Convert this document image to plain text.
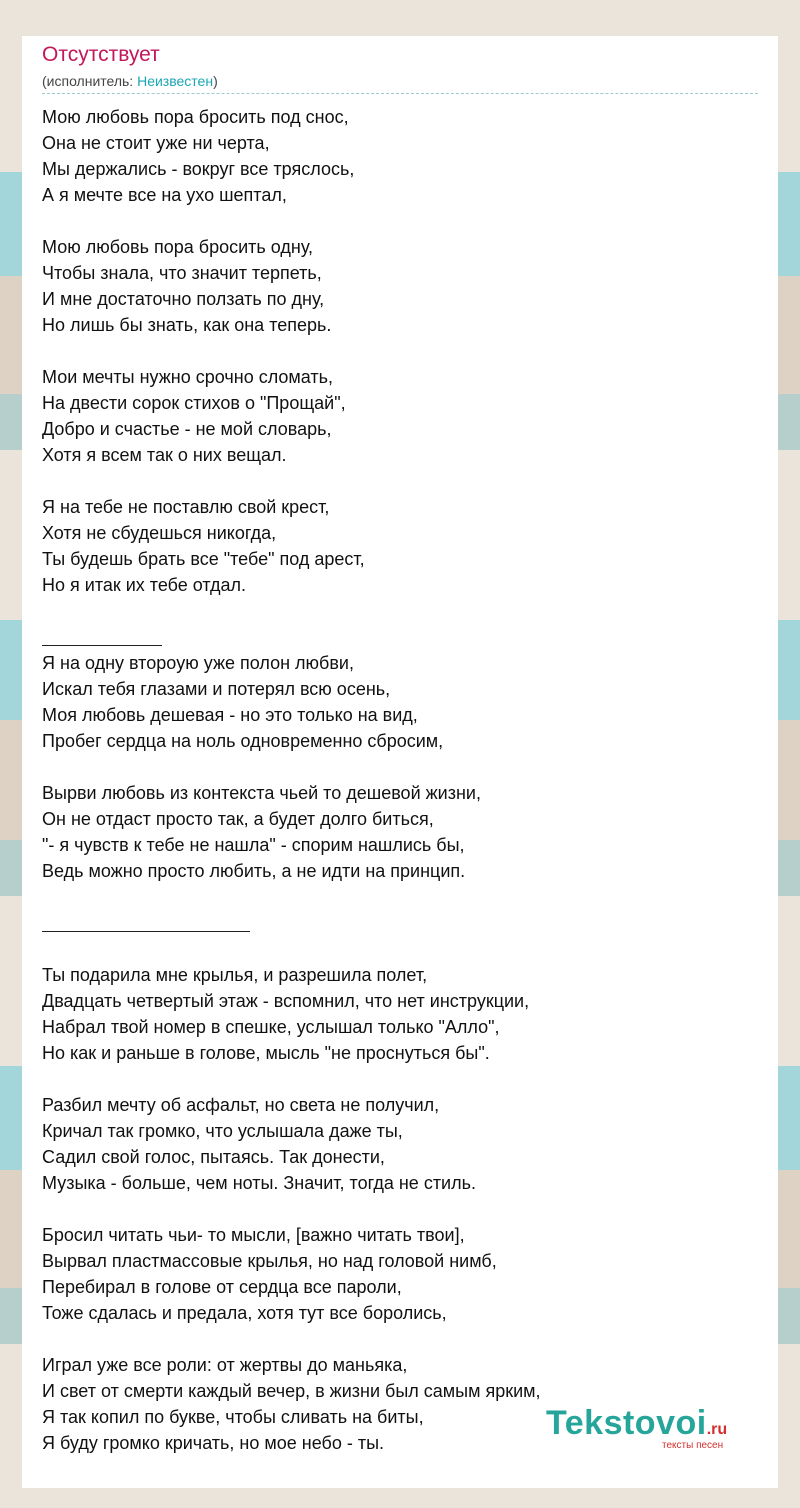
Отсутствует
(исполнитель: Неизвестен)
Мою любовь пора бросить под снос,
Она не стоит уже ни черта,
Мы держались - вокруг все тряслось,
А я мечте все на ухо шептал,
Мою любовь пора бросить одну,
Чтобы знала, что значит терпеть,
И мне достаточно ползать по дну,
Но лишь бы знать, как она теперь.
Мои мечты нужно срочно сломать,
На двести сорок стихов о "Прощай",
Добро и счастье - не мой словарь,
Хотя я всем так о них вещал.
Я на тебе не поставлю свой крест,
Хотя не сбудешься никогда,
Ты будешь брать все "тебе" под арест,
Но я итак их тебе отдал.
Я на одну вторoую уже полон любви,
Искал тебя глазами и потерял всю осень,
Моя любовь дешевая - но это только на вид,
Пробег сердца на ноль одновременно сбросим,
Вырви любовь из контекста чьей то дешевой жизни,
Он не отдаст просто так, а будет долго биться,
"- я чувств к тебе не нашла" - спорим нашлись бы,
Ведь можно просто любить, а не идти на принцип.
Ты подарила мне крылья, и разрешила полет,
Двадцать четвертый этаж - вспомнил, что нет инструкции,
Набрал твой номер в спешке, услышал только "Алло",
Но как и раньше в голове, мысль "не проснуться бы".
Разбил мечту об асфальт, но света не получил,
Кричал так громко, что услышала даже ты,
Садил свой голос, пытаясь. Так донести,
Музыка - больше, чем ноты. Значит, тогда не стиль.
Бросил читать чьи- то мысли, [важно читать твои],
Вырвал пластмассовые крылья, но над головой нимб,
Перебирал в голове от сердца все пароли,
Тоже сдалась и предала, хотя тут все боролись,
Играл уже все роли: от жертвы до маньяка,
И свет от смерти каждый вечер, в жизни был самым ярким,
Я так копил по букве, чтобы сливать на биты,
Я буду громко кричать, но мое небо - ты.
Tekstovoi.ru
тексты песен
